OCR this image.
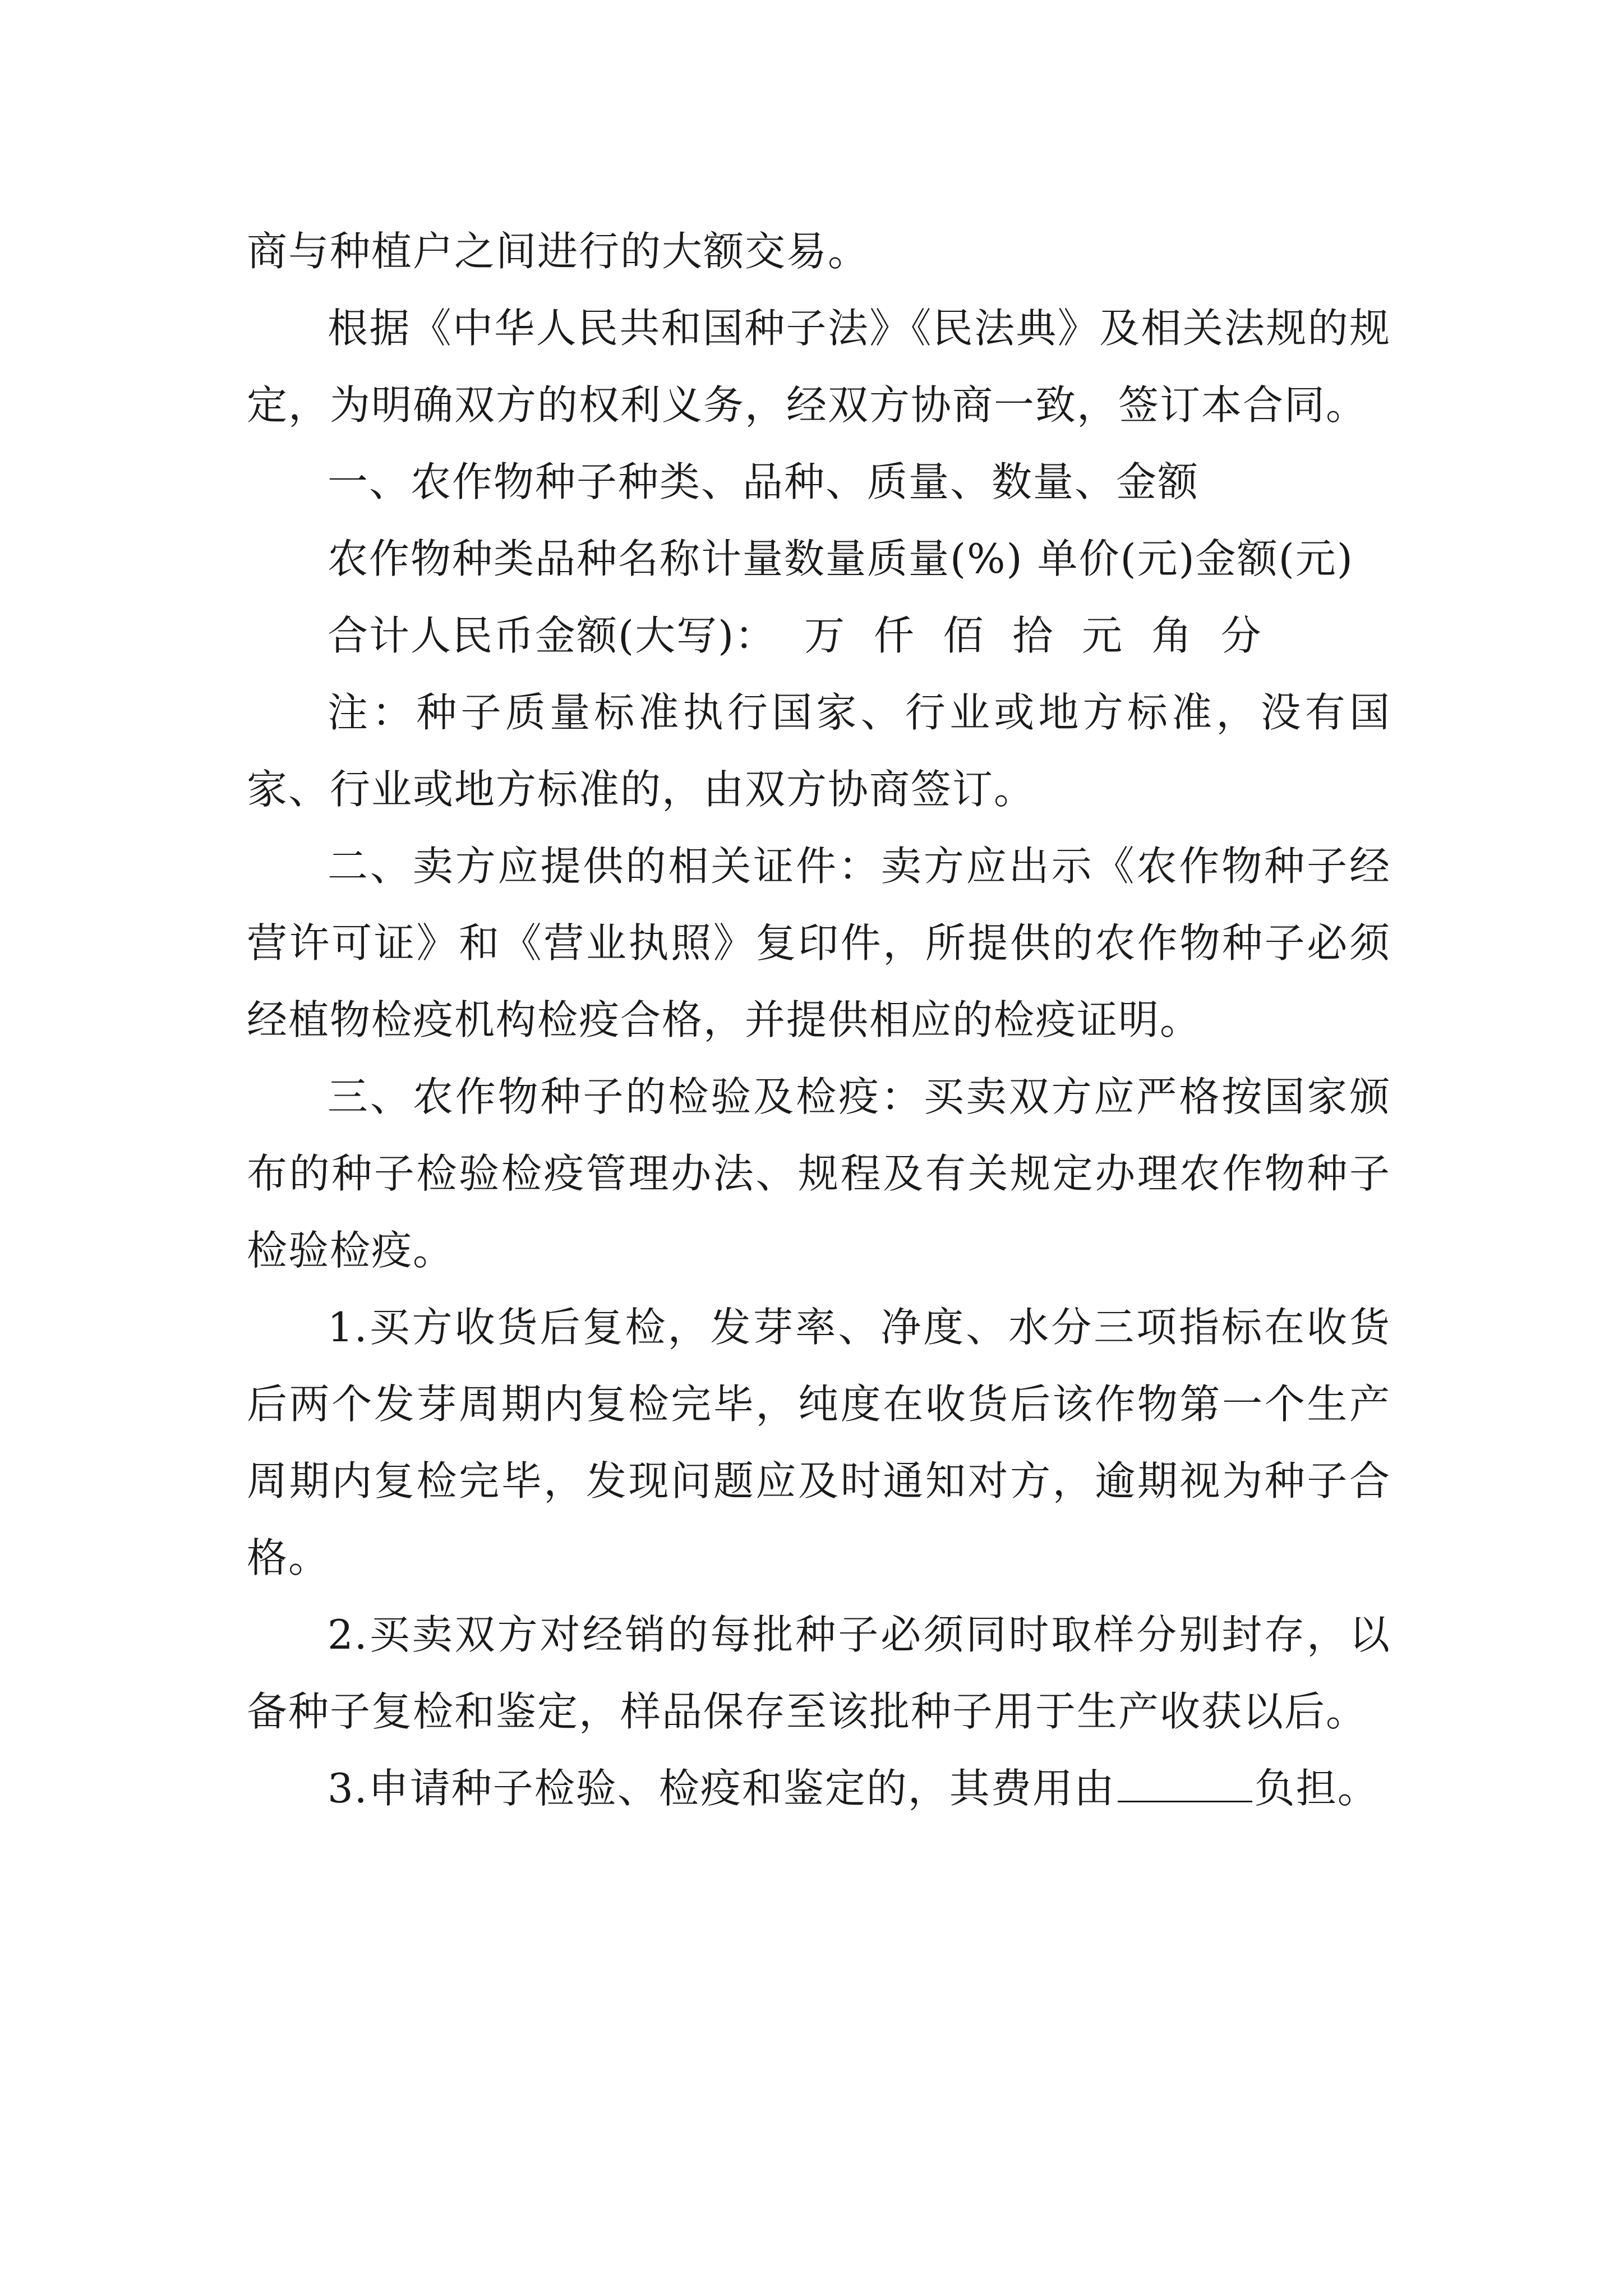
商与种植户之间进行的大额交易。

根据《中华人民共和国种子法》《民法典》及相关法规的规定，为明确双方的权利义务，经双方协商一致，签订本合同。

一、农作物种子种类、品种、质量、数量、金额

农作物种类品种名称计量数量质量(%) 单价(元)金额(元)

合计人民币金额(大写)：  万  仟  佰  拾  元  角  分

注：种子质量标准执行国家、行业或地方标准，没有国家、行业或地方标准的，由双方协商签订。

二、卖方应提供的相关证件：卖方应出示《农作物种子经营许可证》和《营业执照》复印件，所提供的农作物种子必须经植物检疫机构检疫合格，并提供相应的检疫证明。

三、农作物种子的检验及检疫：买卖双方应严格按国家颁布的种子检验检疫管理办法、规程及有关规定办理农作物种子检验检疫。

1.买方收货后复检，发芽率、净度、水分三项指标在收货后两个发芽周期内复检完毕，纯度在收货后该作物第一个生产周期内复检完毕，发现问题应及时通知对方，逾期视为种子合格。

2.买卖双方对经销的每批种子必须同时取样分别封存，以备种子复检和鉴定，样品保存至该批种子用于生产收获以后。

3.申请种子检验、检疫和鉴定的，其费用由	负担。
